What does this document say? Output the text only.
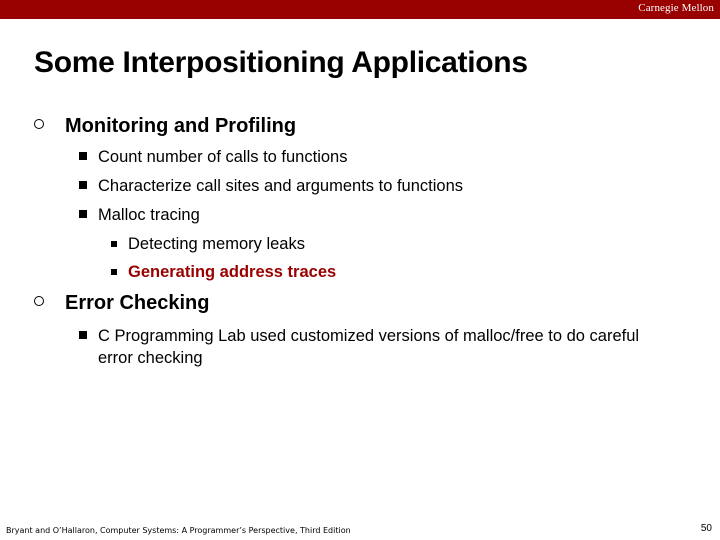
Carnegie Mellon
Some Interpositioning Applications
Monitoring and Profiling
Count number of calls to functions
Characterize call sites and arguments to functions
Malloc tracing
Detecting memory leaks
Generating address traces
Error Checking
C Programming Lab used customized versions of malloc/free to do careful error checking
Bryant and O’Hallaron, Computer Systems: A Programmer’s Perspective, Third Edition	50
